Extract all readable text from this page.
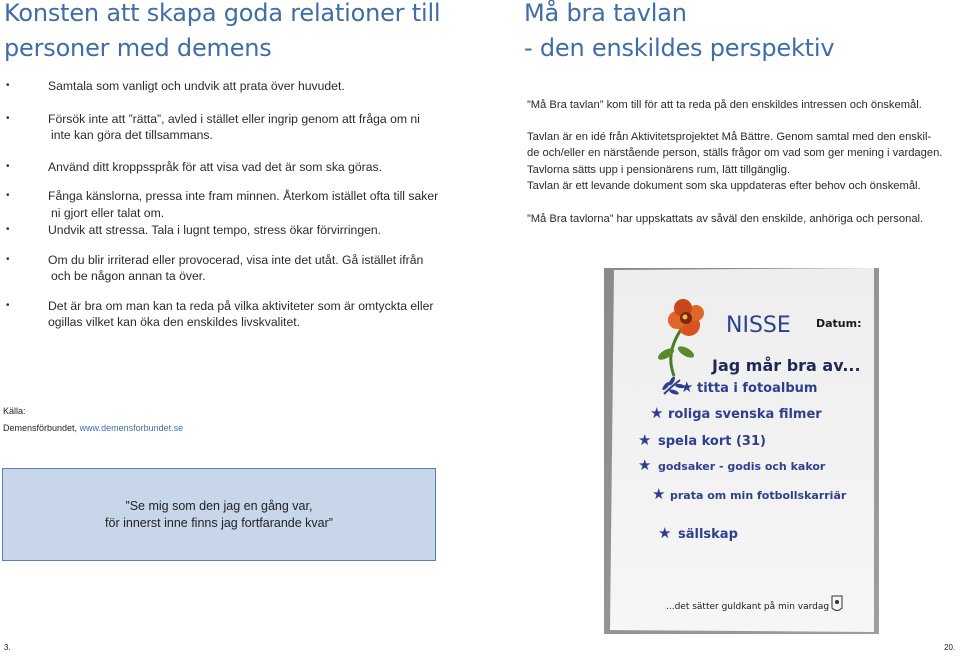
Konsten att skapa goda relationer till
personer med demens
• Samtala som vanligt och undvik att prata över huvudet.
• Försök inte att ”rätta”, avled i stället eller ingrip genom att fråga om ni
inte kan göra det tillsammans.
• Använd ditt kroppsspråk för att visa vad det är som ska göras.
• Fånga känslorna, pressa inte fram minnen. Återkom istället ofta till saker
ni gjort eller talat om.
• Undvik att stressa. Tala i lugnt tempo, stress ökar förvirringen.
• Om du blir irriterad eller provocerad, visa inte det utåt. Gå istället ifrån
och be någon annan ta över.
• Det är bra om man kan ta reda på vilka aktiviteter som är omtyckta eller
ogillas vilket kan öka den enskildes livskvalitet.
Källa:
Demensförbundet, www.demensforbundet.se
”Se mig som den jag en gång var,
för innerst inne finns jag fortfarande kvar”
Må bra tavlan
- den enskildes perspektiv
”Må Bra tavlan” kom till för att ta reda på den enskildes intressen och önskemål.
Tavlan är en idé från Aktivitetsprojektet Må Bättre. Genom samtal med den enskil-
de och/eller en närstående person, ställs frågor om vad som ger mening i vardagen.
Tavlorna sätts upp i pensionärens rum, lätt tillgänglig.
Tavlan är ett levande dokument som ska uppdateras efter behov och önskemål.
”Må Bra tavlorna” har uppskattats av såväl den enskilde, anhöriga och personal.
NISSE Datum:
Jag mår bra av...
★ tittа i fotoalbum
★ roliga svenska filmer
★ spela kort (31)
★ godsaker - godis och kakor
★ prata om min fotbollskarriär
★ sällskap
...det sätter guldkant på min vardag
3.	20.
